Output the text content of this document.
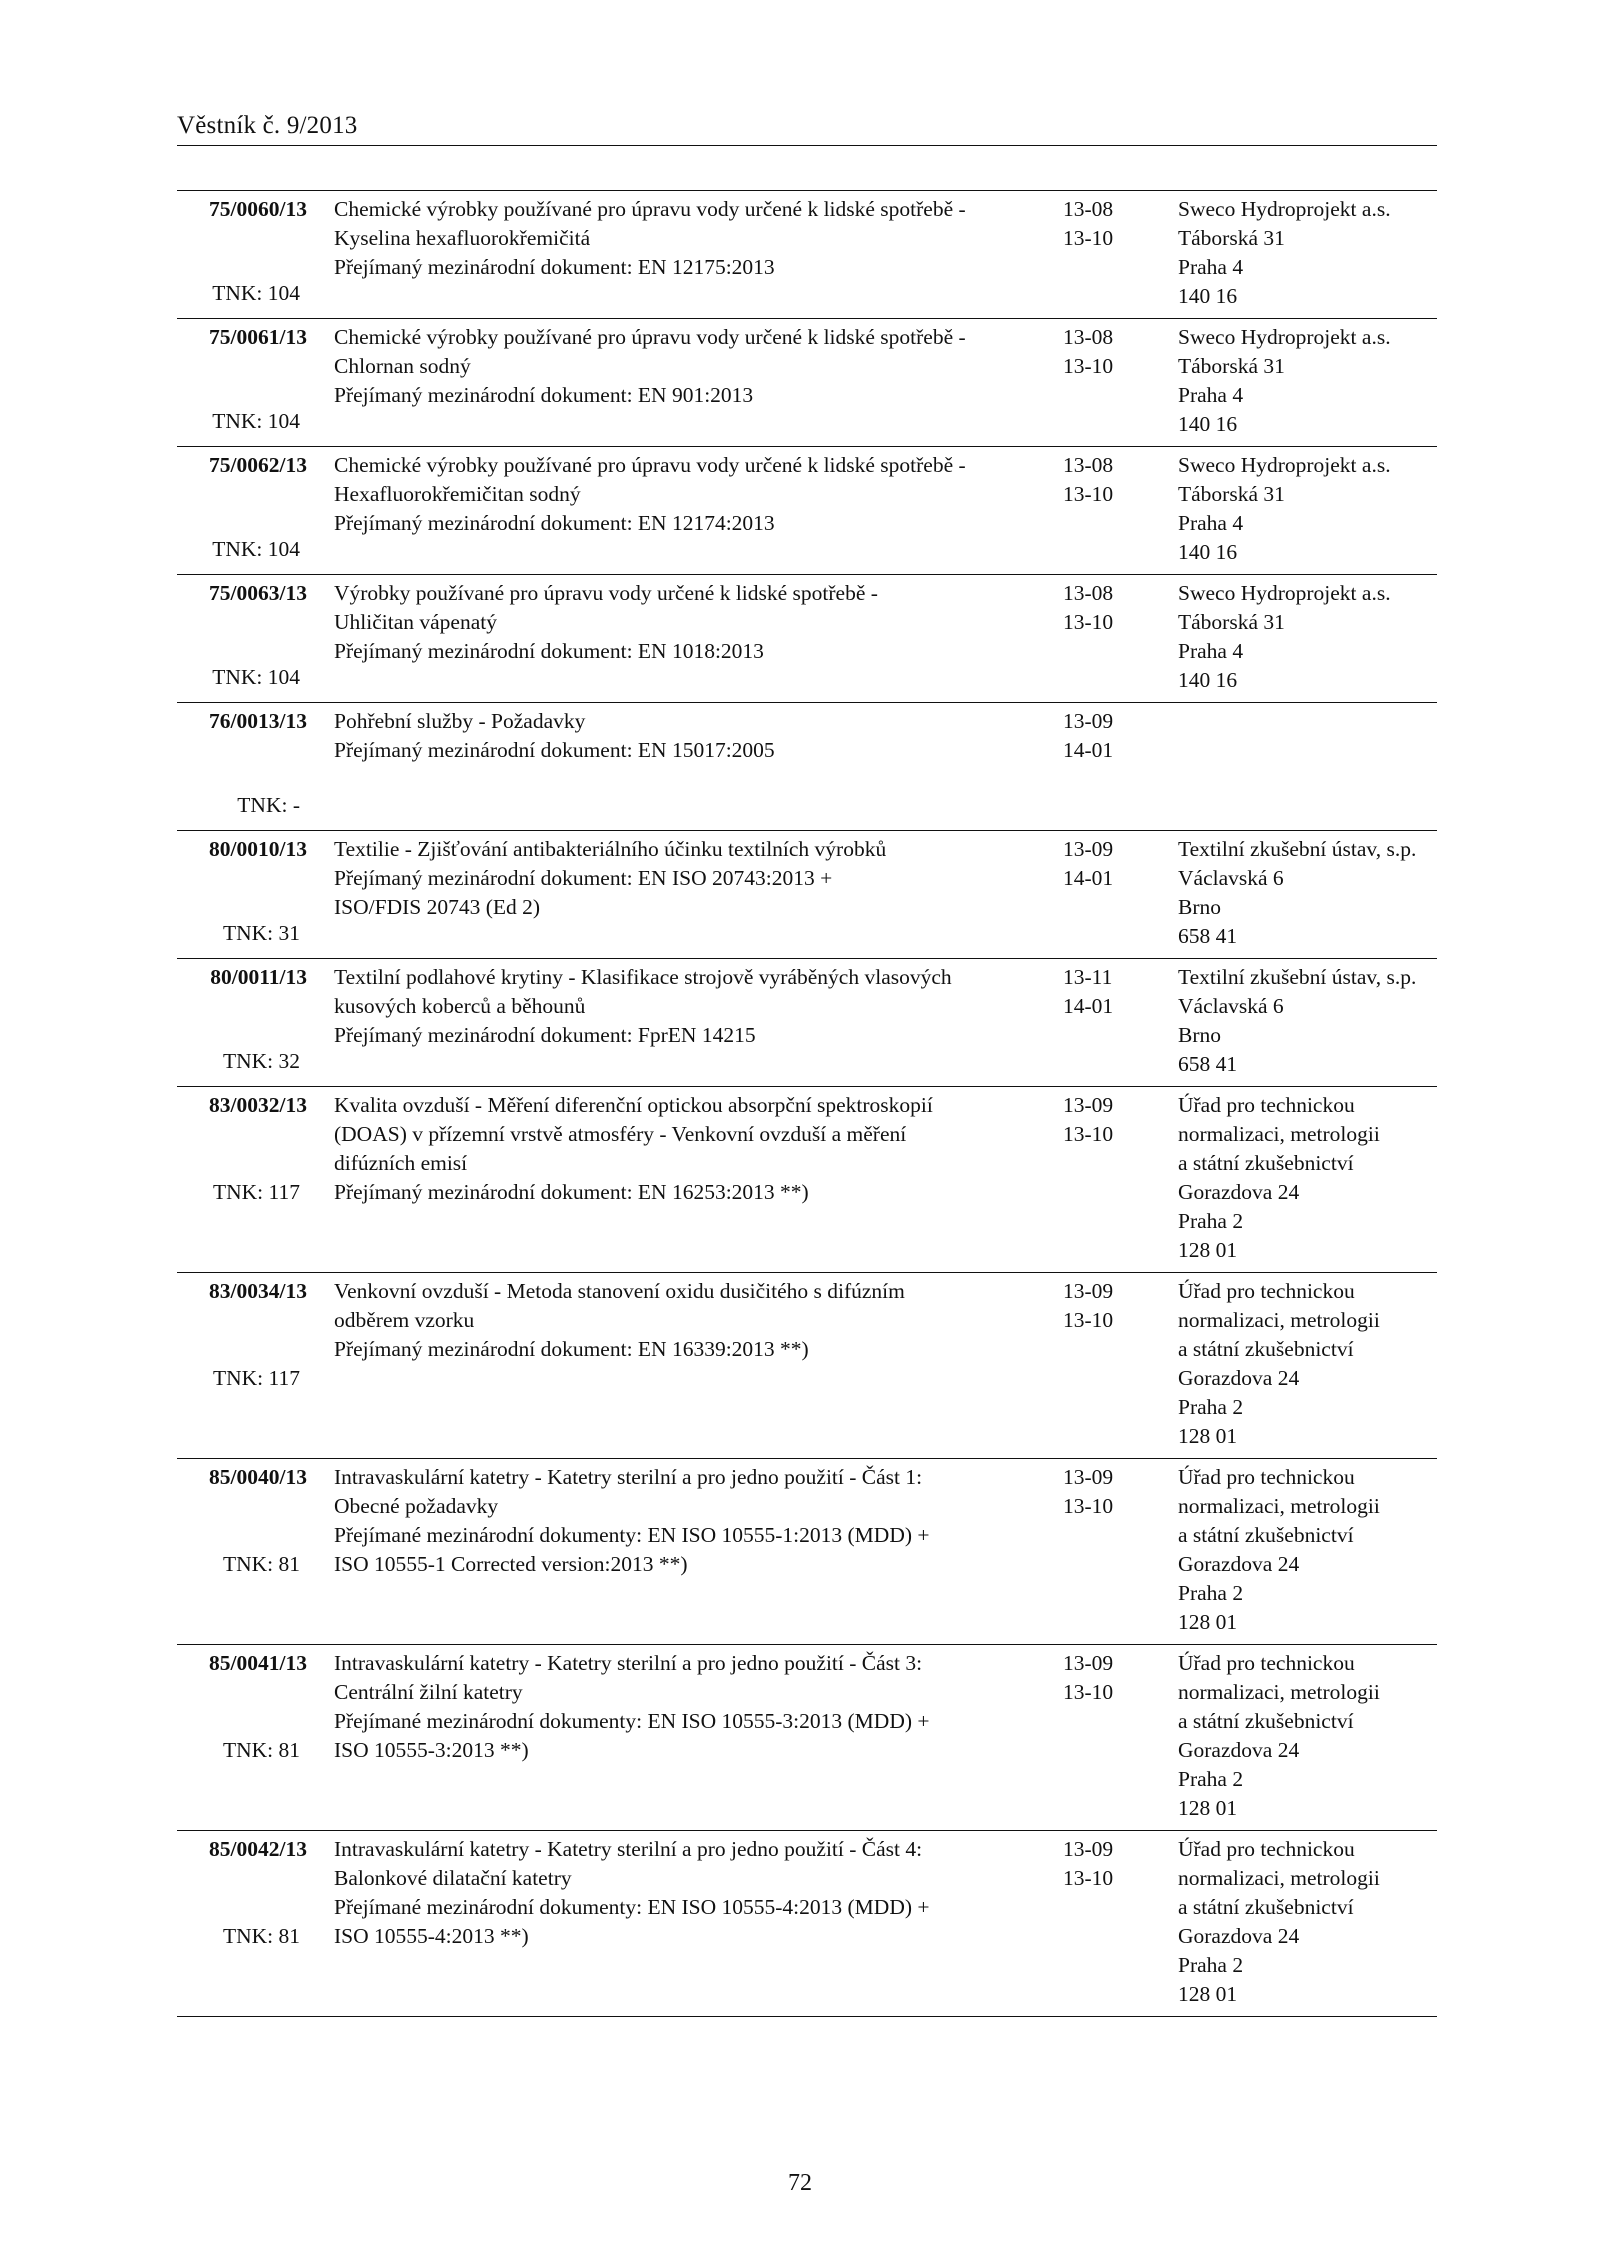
Věstník č. 9/2013
75/0060/13
TNK: 104
Chemické výrobky používané pro úpravu vody určené k lidské spotřebě -
Kyselina hexafluorokřemičitá
Přejímaný mezinárodní dokument: EN 12175:2013
13-08
13-10
Sweco Hydroprojekt a.s.
Táborská 31
Praha 4
140 16
75/0061/13
TNK: 104
Chemické výrobky používané pro úpravu vody určené k lidské spotřebě -
Chlornan sodný
Přejímaný mezinárodní dokument: EN 901:2013
13-08
13-10
Sweco Hydroprojekt a.s.
Táborská 31
Praha 4
140 16
75/0062/13
TNK: 104
Chemické výrobky používané pro úpravu vody určené k lidské spotřebě -
Hexafluorokřemičitan sodný
Přejímaný mezinárodní dokument: EN 12174:2013
13-08
13-10
Sweco Hydroprojekt a.s.
Táborská 31
Praha 4
140 16
75/0063/13
TNK: 104
Výrobky používané pro úpravu vody určené k lidské spotřebě -
Uhličitan vápenatý
Přejímaný mezinárodní dokument: EN 1018:2013
13-08
13-10
Sweco Hydroprojekt a.s.
Táborská 31
Praha 4
140 16
76/0013/13
TNK: -
Pohřební služby - Požadavky
Přejímaný mezinárodní dokument: EN 15017:2005
13-09
14-01
80/0010/13
TNK: 31
Textilie - Zjišťování antibakteriálního účinku textilních výrobků
Přejímaný mezinárodní dokument: EN ISO 20743:2013 +
ISO/FDIS 20743 (Ed 2)
13-09
14-01
Textilní zkušební ústav, s.p.
Václavská 6
Brno
658 41
80/0011/13
TNK: 32
Textilní podlahové krytiny - Klasifikace strojově vyráběných vlasových
kusových koberců a běhounů
Přejímaný mezinárodní dokument: FprEN 14215
13-11
14-01
Textilní zkušební ústav, s.p.
Václavská 6
Brno
658 41
83/0032/13
TNK: 117
Kvalita ovzduší - Měření diferenční optickou absorpční spektroskopií
(DOAS) v přízemní vrstvě atmosféry - Venkovní ovzduší a měření
difúzních emisí
Přejímaný mezinárodní dokument: EN 16253:2013 **)
13-09
13-10
Úřad pro technickou
normalizaci, metrologii
a státní zkušebnictví
Gorazdova 24
Praha 2
128 01
83/0034/13
TNK: 117
Venkovní ovzduší - Metoda stanovení oxidu dusičitého s difúzním
odběrem vzorku
Přejímaný mezinárodní dokument: EN 16339:2013 **)
13-09
13-10
Úřad pro technickou
normalizaci, metrologii
a státní zkušebnictví
Gorazdova 24
Praha 2
128 01
85/0040/13
TNK: 81
Intravaskulární katetry - Katetry sterilní a pro jedno použití - Část 1:
Obecné požadavky
Přejímané mezinárodní dokumenty: EN ISO 10555-1:2013 (MDD) +
ISO 10555-1 Corrected version:2013 **)
13-09
13-10
Úřad pro technickou
normalizaci, metrologii
a státní zkušebnictví
Gorazdova 24
Praha 2
128 01
85/0041/13
TNK: 81
Intravaskulární katetry - Katetry sterilní a pro jedno použití - Část 3:
Centrální žilní katetry
Přejímané mezinárodní dokumenty: EN ISO 10555-3:2013 (MDD) +
ISO 10555-3:2013 **)
13-09
13-10
Úřad pro technickou
normalizaci, metrologii
a státní zkušebnictví
Gorazdova 24
Praha 2
128 01
85/0042/13
TNK: 81
Intravaskulární katetry - Katetry sterilní a pro jedno použití - Část 4:
Balonkové dilatační katetry
Přejímané mezinárodní dokumenty: EN ISO 10555-4:2013 (MDD) +
ISO 10555-4:2013 **)
13-09
13-10
Úřad pro technickou
normalizaci, metrologii
a státní zkušebnictví
Gorazdova 24
Praha 2
128 01
72
